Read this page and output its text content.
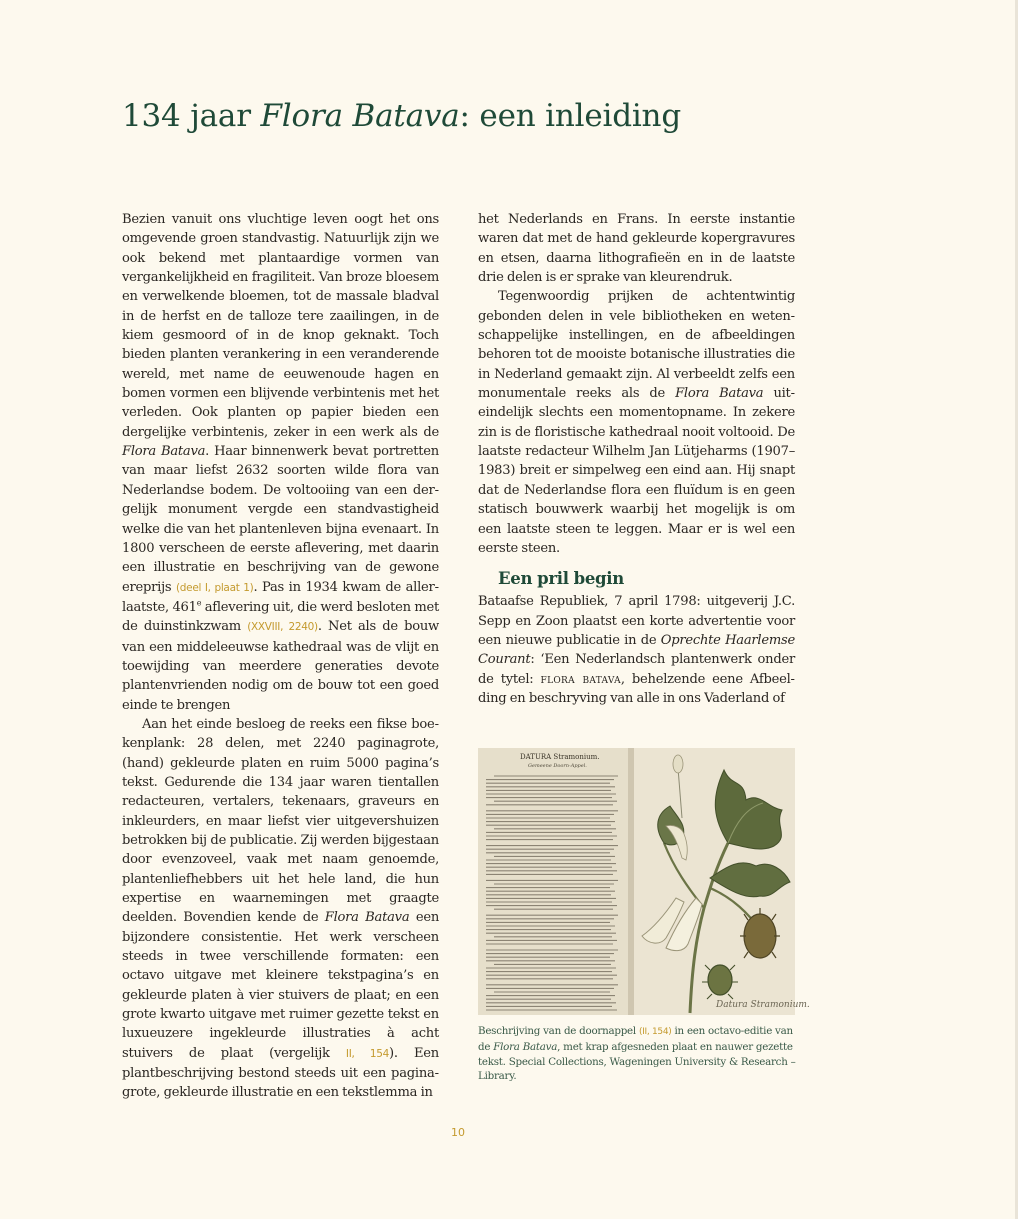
134 jaar Flora Batava: een inleiding

Bezien vanuit ons vluchtige leven oogt het ons omgevende groen standvastig. Natuurlijk zijn we ook bekend met plantaardige vormen van vergankelijkheid en fragiliteit. Van broze bloesem en verwelkende bloemen, tot de massale bladval in de herfst en de talloze tere zaailingen, in de kiem gesmoord of in de knop geknakt. Toch bieden planten verankering in een veranderende wereld, met name de eeuwenoude hagen en bomen vormen een blijvende verbintenis met het verleden. Ook planten op papier bieden een dergelijke verbintenis, zeker in een werk als de Flora Batava. Haar binnenwerk bevat portretten van maar liefst 2632 soorten wilde flora van Nederlandse bodem. De voltooiing van een dergelijk monument vergde een standvastigheid welke die van het plantenleven bijna evenaart. In 1800 verscheen de eerste aflevering, met daarin een illustratie en beschrijving van de gewone ereprijs (deel I, plaat 1). Pas in 1934 kwam de allerlaatste, 461e aflevering uit, die werd besloten met de duinstinkzwam (XXVIII, 2240). Net als de bouw van een middeleeuwse kathedraal was de vlijt en toewijding van meerdere generaties devote plantenvrienden nodig om de bouw tot een goed einde te brengen

Aan het einde besloeg de reeks een fikse boekenplank: 28 delen, met 2240 paginagrote, (hand) gekleurde platen en ruim 5000 pagina’s tekst. Gedurende die 134 jaar waren tientallen redacteuren, vertalers, tekenaars, graveurs en inkleurders, en maar liefst vier uitgevershuizen betrokken bij de publicatie. Zij werden bijgestaan door evenzoveel, vaak met naam genoemde, plantenliefhebbers uit het hele land, die hun expertise en waarnemingen met graagte deelden. Bovendien kende de Flora Batava een bijzondere consistentie. Het werk verscheen steeds in twee verschillende formaten: een octavo uitgave met kleinere tekstpagina’s en gekleurde platen à vier stuivers de plaat; en een grote kwarto uitgave met ruimer gezette tekst en luxueuzere ingekleurde illustraties à acht stuivers de plaat (vergelijk II, 154). Een plantbeschrijving bestond steeds uit een paginagrote, gekleurde illustratie en een tekstlemma in

het Nederlands en Frans. In eerste instantie waren dat met de hand gekleurde kopergravures en etsen, daarna lithografieën en in de laatste drie delen is er sprake van kleurendruk.

Tegenwoordig prijken de achtentwintig gebonden delen in vele bibliotheken en wetenschappelijke instellingen, en de afbeeldingen behoren tot de mooiste botanische illustraties die in Nederland gemaakt zijn. Al verbeeldt zelfs een monumentale reeks als de Flora Batava uiteindelijk slechts een momentopname. In zekere zin is de floristische kathedraal nooit voltooid. De laatste redacteur Wilhelm Jan Lütjeharms (1907–1983) breit er simpelweg een eind aan. Hij snapt dat de Nederlandse flora een fluïdum is en geen statisch bouwwerk waarbij het mogelijk is om een laatste steen te leggen. Maar er is wel een eerste steen.

Een pril begin

Bataafse Republiek, 7 april 1798: uitgeverij J.C. Sepp en Zoon plaatst een korte advertentie voor een nieuwe publicatie in de Oprechte Haarlemse Courant: ‘Een Nederlandsch plantenwerk onder de tytel: flora batava, behelzende eene Afbeelding en beschryving van alle in ons Vaderland of

DATURA Stramonium.
Gemeene Doorn-Appel.
Datura Stramonium.
Beschrijving van de doornappel (II, 154) in een octavo-editie van de Flora Batava, met krap afgesneden plaat en nauwer gezette tekst. Special Collections, Wageningen University & Research – Library.
10
